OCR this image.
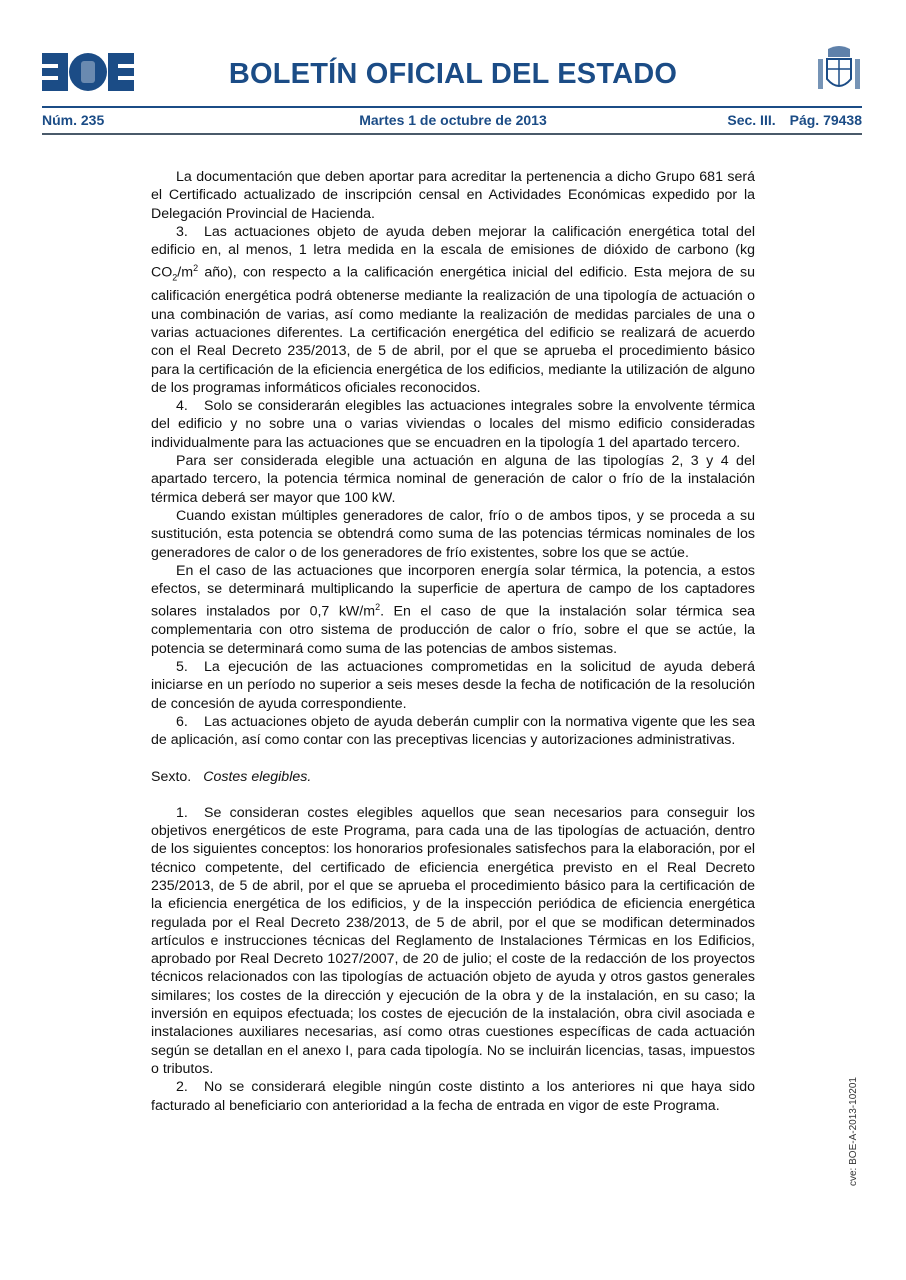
BOLETÍN OFICIAL DEL ESTADO
Núm. 235	Martes 1 de octubre de 2013	Sec. III. Pág. 79438

La documentación que deben aportar para acreditar la pertenencia a dicho Grupo 681 será el Certificado actualizado de inscripción censal en Actividades Económicas expedido por la Delegación Provincial de Hacienda.

3. Las actuaciones objeto de ayuda deben mejorar la calificación energética total del edificio en, al menos, 1 letra medida en la escala de emisiones de dióxido de carbono (kg $CO_2/m^2$ año), con respecto a la calificación energética inicial del edificio. Esta mejora de su calificación energética podrá obtenerse mediante la realización de una tipología de actuación o una combinación de varias, así como mediante la realización de medidas parciales de una o varias actuaciones diferentes. La certificación energética del edificio se realizará de acuerdo con el Real Decreto 235/2013, de 5 de abril, por el que se aprueba el procedimiento básico para la certificación de la eficiencia energética de los edificios, mediante la utilización de alguno de los programas informáticos oficiales reconocidos.

4. Solo se considerarán elegibles las actuaciones integrales sobre la envolvente térmica del edificio y no sobre una o varias viviendas o locales del mismo edificio consideradas individualmente para las actuaciones que se encuadren en la tipología 1 del apartado tercero.

Para ser considerada elegible una actuación en alguna de las tipologías 2, 3 y 4 del apartado tercero, la potencia térmica nominal de generación de calor o frío de la instalación térmica deberá ser mayor que 100 kW.

Cuando existan múltiples generadores de calor, frío o de ambos tipos, y se proceda a su sustitución, esta potencia se obtendrá como suma de las potencias térmicas nominales de los generadores de calor o de los generadores de frío existentes, sobre los que se actúe.

En el caso de las actuaciones que incorporen energía solar térmica, la potencia, a estos efectos, se determinará multiplicando la superficie de apertura de campo de los captadores solares instalados por 0,7 $kW/m^2$. En el caso de que la instalación solar térmica sea complementaria con otro sistema de producción de calor o frío, sobre el que se actúe, la potencia se determinará como suma de las potencias de ambos sistemas.

5. La ejecución de las actuaciones comprometidas en la solicitud de ayuda deberá iniciarse en un período no superior a seis meses desde la fecha de notificación de la resolución de concesión de ayuda correspondiente.

6. Las actuaciones objeto de ayuda deberán cumplir con la normativa vigente que les sea de aplicación, así como contar con las preceptivas licencias y autorizaciones administrativas.

Sexto. Costes elegibles.

1. Se consideran costes elegibles aquellos que sean necesarios para conseguir los objetivos energéticos de este Programa, para cada una de las tipologías de actuación, dentro de los siguientes conceptos: los honorarios profesionales satisfechos para la elaboración, por el técnico competente, del certificado de eficiencia energética previsto en el Real Decreto 235/2013, de 5 de abril, por el que se aprueba el procedimiento básico para la certificación de la eficiencia energética de los edificios, y de la inspección periódica de eficiencia energética regulada por el Real Decreto 238/2013, de 5 de abril, por el que se modifican determinados artículos e instrucciones técnicas del Reglamento de Instalaciones Térmicas en los Edificios, aprobado por Real Decreto 1027/2007, de 20 de julio; el coste de la redacción de los proyectos técnicos relacionados con las tipologías de actuación objeto de ayuda y otros gastos generales similares; los costes de la dirección y ejecución de la obra y de la instalación, en su caso; la inversión en equipos efectuada; los costes de ejecución de la instalación, obra civil asociada e instalaciones auxiliares necesarias, así como otras cuestiones específicas de cada actuación según se detallan en el anexo I, para cada tipología. No se incluirán licencias, tasas, impuestos o tributos.

2. No se considerará elegible ningún coste distinto a los anteriores ni que haya sido facturado al beneficiario con anterioridad a la fecha de entrada en vigor de este Programa.	cve: BOE-A-2013-10201
